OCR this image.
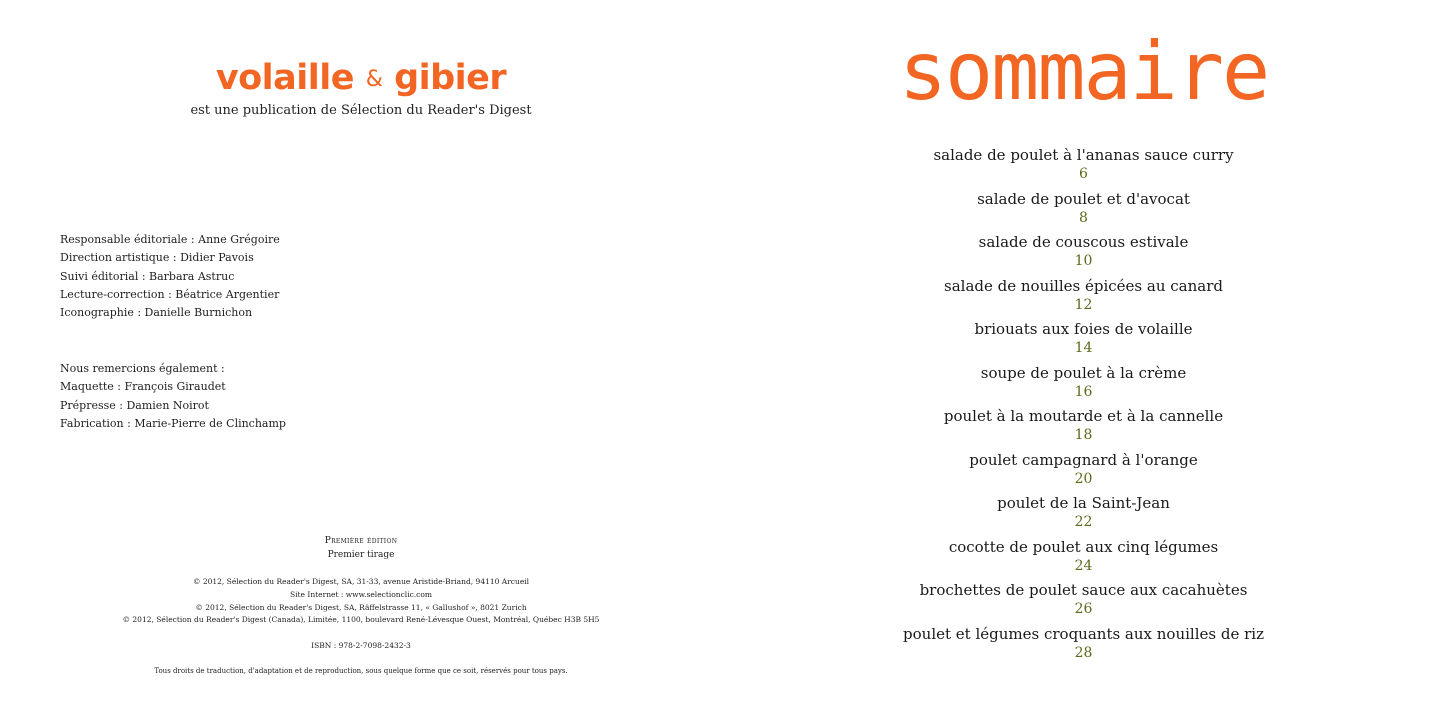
volaille & gibier
est une publication de Sélection du Reader's Digest
Responsable éditoriale : Anne Grégoire
Direction artistique : Didier Pavois
Suivi éditorial : Barbara Astruc
Lecture-correction : Béatrice Argentier
Iconographie : Danielle Burnichon
Nous remercions également :
Maquette : François Giraudet
Prépresse : Damien Noirot
Fabrication : Marie-Pierre de Clinchamp
Première édition
Premier tirage
© 2012, Sélection du Reader's Digest, SA, 31-33, avenue Aristide-Briand, 94110 Arcueil
Site Internet : www.selectionclic.com
© 2012, Sélection du Reader's Digest, SA, Räffelstrasse 11, « Gallushof », 8021 Zurich
© 2012, Sélection du Reader's Digest (Canada), Limitée, 1100, boulevard René-Lévesque Ouest, Montréal, Québec H3B 5H5
ISBN : 978-2-7098-2432-3
Tous droits de traduction, d'adaptation et de reproduction, sous quelque forme que ce soit, réservés pour tous pays.
sommaire
salade de poulet à l'ananas sauce curry
6
salade de poulet et d'avocat
8
salade de couscous estivale
10
salade de nouilles épicées au canard
12
briouats aux foies de volaille
14
soupe de poulet à la crème
16
poulet à la moutarde et à la cannelle
18
poulet campagnard à l'orange
20
poulet de la Saint-Jean
22
cocotte de poulet aux cinq légumes
24
brochettes de poulet sauce aux cacahuètes
26
poulet et légumes croquants aux nouilles de riz
28
